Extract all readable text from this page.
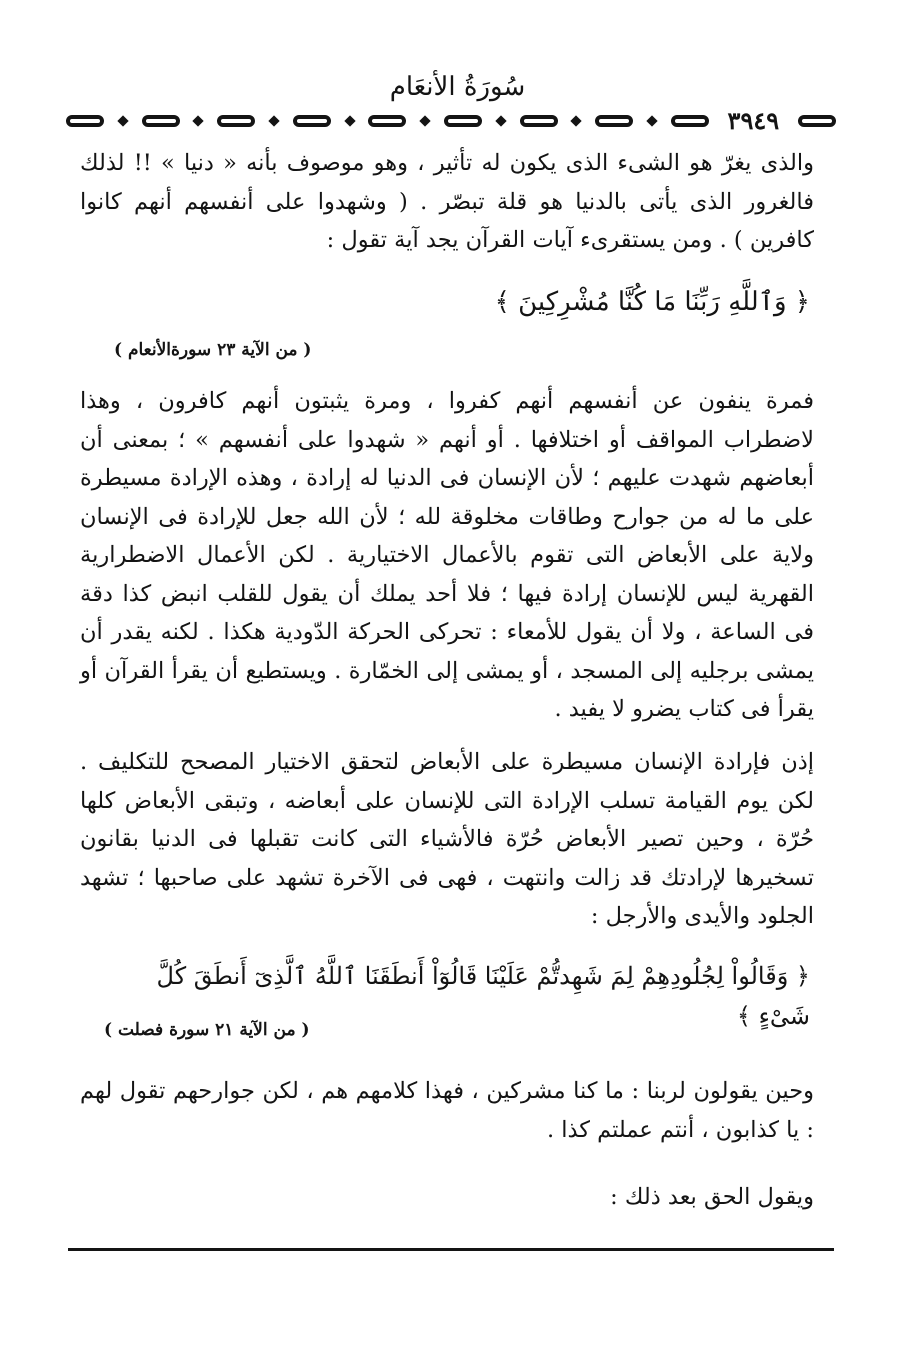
سُورَةُ الأنعَام
٣٩٤٩

والذى يغرّ هو الشىء الذى يكون له تأثير ، وهو موصوف بأنه « دنيا » !! لذلك فالغرور الذى يأتى بالدنيا هو قلة تبصّر . ( وشهدوا على أنفسهم أنهم كانوا كافرين ) . ومن يستقرىء آيات القرآن يجد آية تقول :

﴿ وَٱللَّهِ رَبِّنَا مَا كُنَّا مُشْرِكِينَ ﴾

( من الآية ٢٣ سورةالأنعام )

فمرة ينفون عن أنفسهم أنهم كفروا ، ومرة يثبتون أنهم كافرون ، وهذا لاضطراب المواقف أو اختلافها . أو أنهم « شهدوا على أنفسهم » ؛ بمعنى أن أبعاضهم شهدت عليهم ؛ لأن الإنسان فى الدنيا له إرادة ، وهذه الإرادة مسيطرة على ما له من جوارح وطاقات مخلوقة لله ؛ لأن الله جعل للإرادة فى الإنسان ولاية على الأبعاض التى تقوم بالأعمال الاختيارية . لكن الأعمال الاضطرارية القهرية ليس للإنسان إرادة فيها ؛ فلا أحد يملك أن يقول للقلب انبض كذا دقة فى الساعة ، ولا أن يقول للأمعاء : تحركى الحركة الدّودية هكذا . لكنه يقدر أن يمشى برجليه إلى المسجد ، أو يمشى إلى الخمّارة . ويستطيع أن يقرأ القرآن أو يقرأ فى كتاب يضرو لا يفيد .

إذن فإرادة الإنسان مسيطرة على الأبعاض لتحقق الاختيار المصحح للتكليف . لكن يوم القيامة تسلب الإرادة التى للإنسان على أبعاضه ، وتبقى الأبعاض كلها حُرّة ، وحين تصير الأبعاض حُرّة فالأشياء التى كانت تقبلها فى الدنيا بقانون تسخيرها لإرادتك قد زالت وانتهت ، فهى فى الآخرة تشهد على صاحبها ؛ تشهد الجلود والأيدى والأرجل :

﴿ وَقَالُواْ لِجُلُودِهِمْ لِمَ شَهِدتُّمْ عَلَيْنَا قَالُوٓاْ أَنطَقَنَا ٱللَّهُ ٱلَّذِىٓ أَنطَقَ كُلَّ شَىْءٍ ﴾

( من الآية ٢١ سورة فصلت )

وحين يقولون لربنا : ما كنا مشركين ، فهذا كلامهم هم ، لكن جوارحهم تقول لهم : يا كذابون ، أنتم عملتم كذا .

ويقول الحق بعد ذلك :
